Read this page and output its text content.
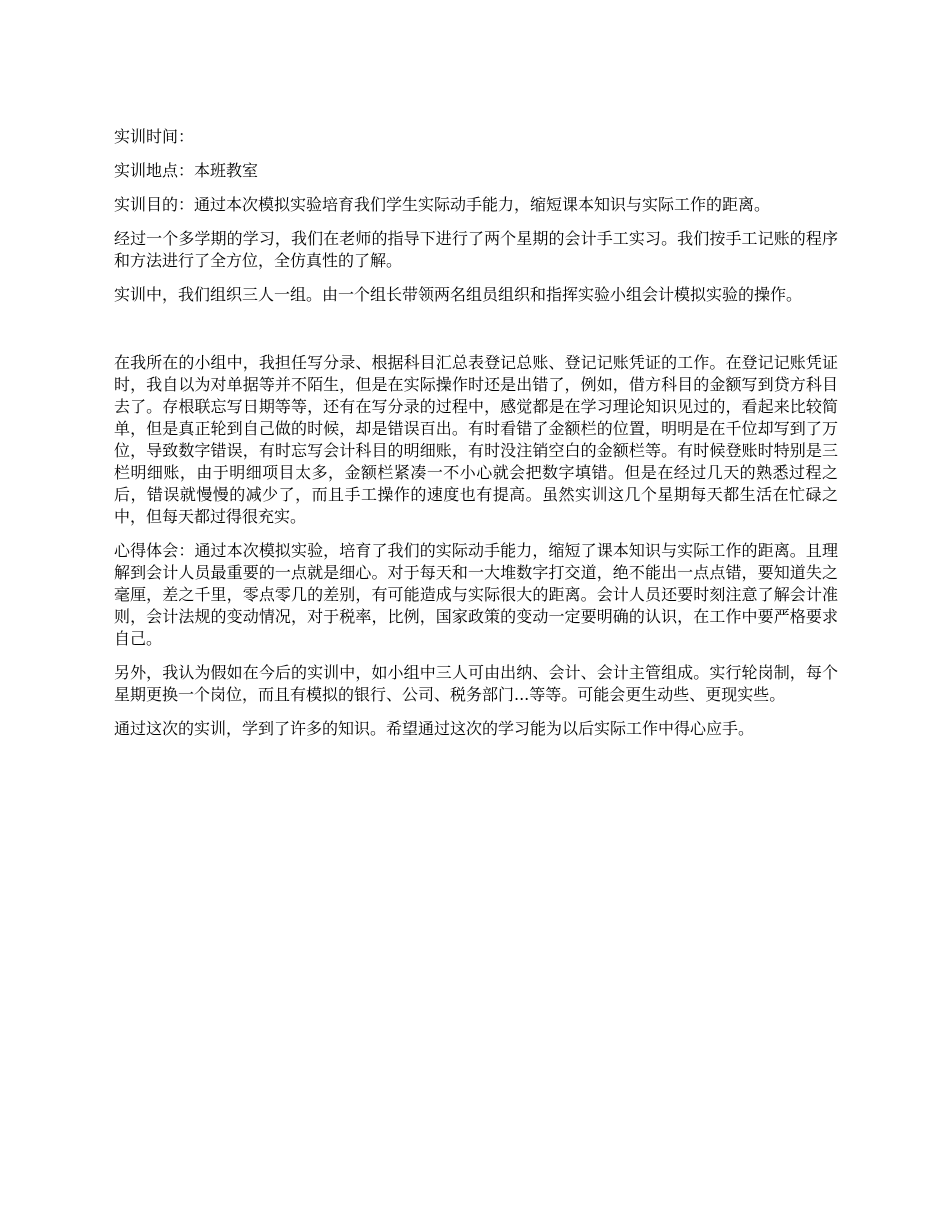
实训时间：

实训地点：本班教室

实训目的：通过本次模拟实验培育我们学生实际动手能力，缩短课本知识与实际工作的距离。

经过一个多学期的学习，我们在老师的指导下进行了两个星期的会计手工实习。我们按手工记账的程序和方法进行了全方位，全仿真性的了解。

实训中，我们组织三人一组。由一个组长带领两名组员组织和指挥实验小组会计模拟实验的操作。

在我所在的小组中，我担任写分录、根据科目汇总表登记总账、登记记账凭证的工作。在登记记账凭证时，我自以为对单据等并不陌生，但是在实际操作时还是出错了，例如，借方科目的金额写到贷方科目去了。存根联忘写日期等等，还有在写分录的过程中，感觉都是在学习理论知识见过的，看起来比较简单，但是真正轮到自己做的时候，却是错误百出。有时看错了金额栏的位置，明明是在千位却写到了万位，导致数字错误，有时忘写会计科目的明细账，有时没注销空白的金额栏等。有时候登账时特别是三栏明细账，由于明细项目太多，金额栏紧凑一不小心就会把数字填错。但是在经过几天的熟悉过程之后，错误就慢慢的减少了，而且手工操作的速度也有提高。虽然实训这几个星期每天都生活在忙碌之中，但每天都过得很充实。

心得体会：通过本次模拟实验，培育了我们的实际动手能力，缩短了课本知识与实际工作的距离。且理解到会计人员最重要的一点就是细心。对于每天和一大堆数字打交道，绝不能出一点点错，要知道失之毫厘，差之千里，零点零几的差别，有可能造成与实际很大的距离。会计人员还要时刻注意了解会计准则，会计法规的变动情况，对于税率，比例，国家政策的变动一定要明确的认识，在工作中要严格要求自己。

另外，我认为假如在今后的实训中，如小组中三人可由出纳、会计、会计主管组成。实行轮岗制，每个星期更换一个岗位，而且有模拟的银行、公司、税务部门...等等。可能会更生动些、更现实些。

通过这次的实训，学到了许多的知识。希望通过这次的学习能为以后实际工作中得心应手。
